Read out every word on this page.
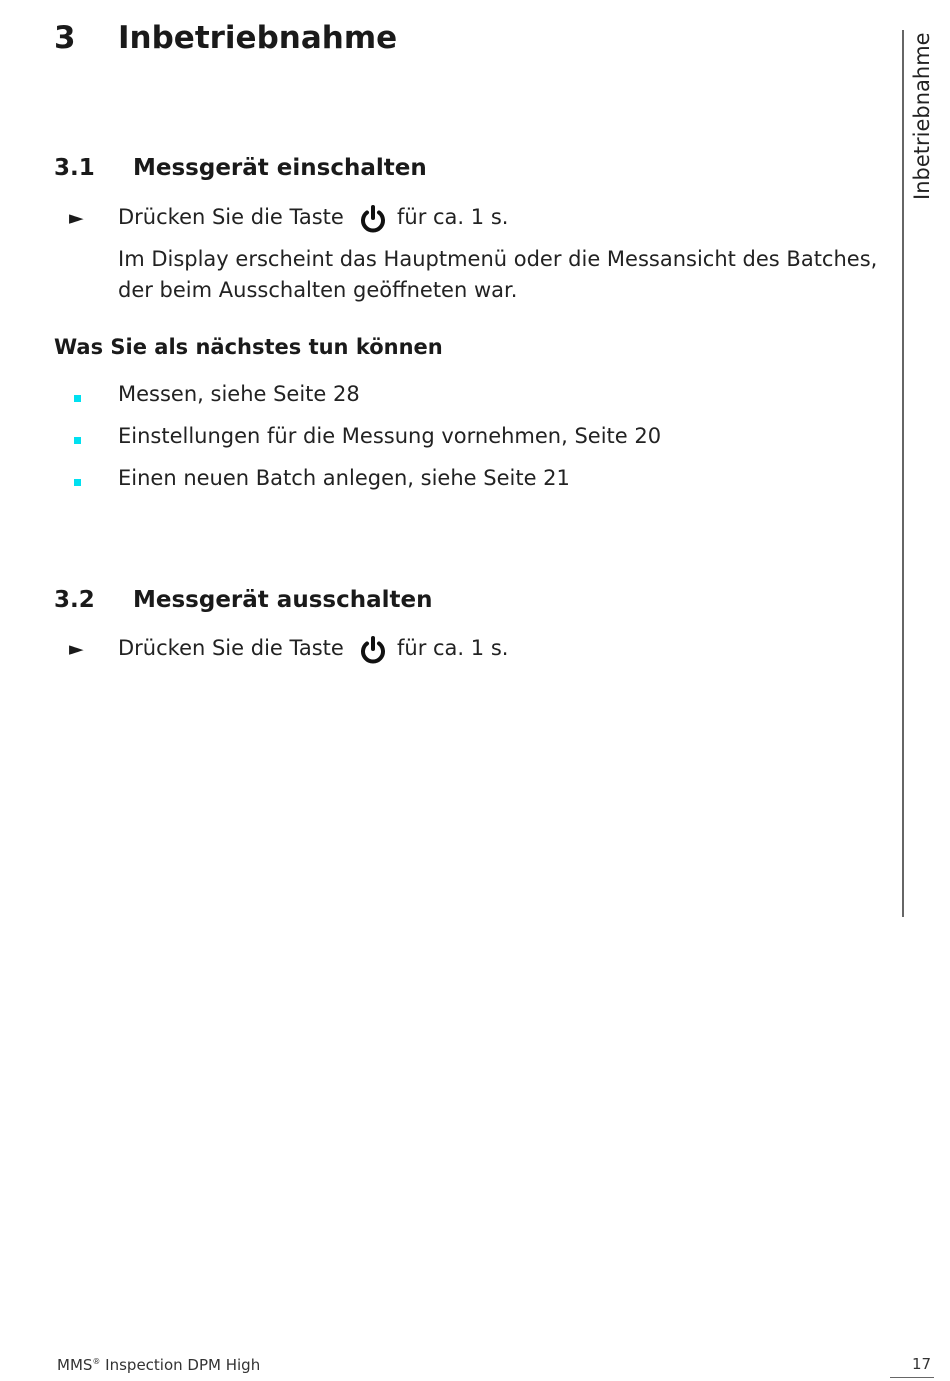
3 Inbetriebnahme	Inbetriebnahme
3.1 Messgerät einschalten
► Drücken Sie die Taste	für ca. 1 s.
Im Display erscheint das Hauptmenü oder die Messansicht des Batches,
der beim Ausschalten geöffneten war.
Was Sie als nächstes tun können
Messen, siehe Seite 28
Einstellungen für die Messung vornehmen, Seite 20
Einen neuen Batch anlegen, siehe Seite 21
3.2 Messgerät ausschalten
► Drücken Sie die Taste	für ca. 1 s.
MMS® Inspection DPM High	17
